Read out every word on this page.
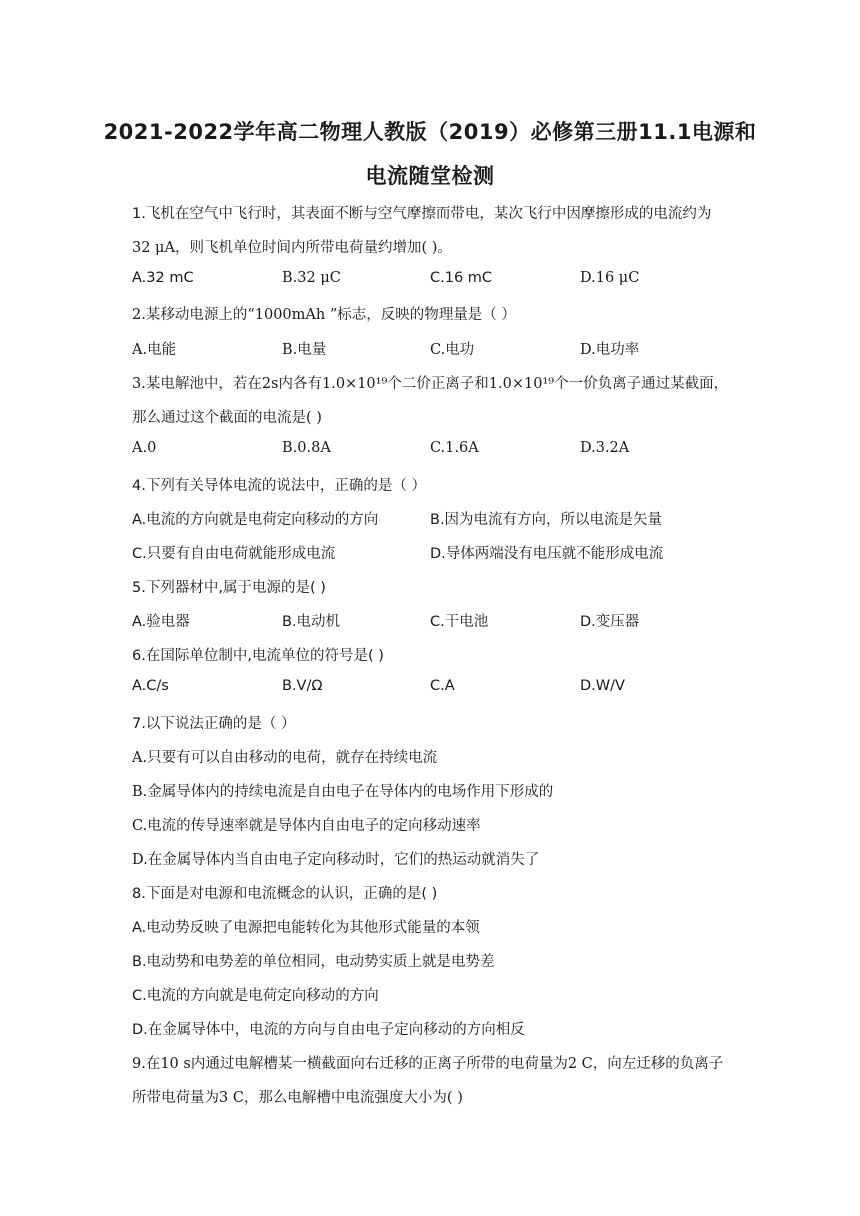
2021-2022学年高二物理人教版（2019）必修第三册11.1电源和
电流随堂检测
1.飞机在空气中飞行时，其表面不断与空气摩擦而带电，某次飞行中因摩擦形成的电流约为
32 μA，则飞机单位时间内所带电荷量约增加( )。
A.32 mC	B.32 μC	C.16 mC	D.16 μC
2.某移动电源上的“1000mAh ”标志，反映的物理量是（ ）
A.电能	B.电量	C.电功	D.电功率
3.某电解池中，若在2s内各有1.0×10¹⁹个二价正离子和1.0×10¹⁹个一价负离子通过某截面，
那么通过这个截面的电流是( )
A.0	B.0.8A	C.1.6A	D.3.2A
4.下列有关导体电流的说法中，正确的是（ ）
A.电流的方向就是电荷定向移动的方向	B.因为电流有方向，所以电流是矢量
C.只要有自由电荷就能形成电流	D.导体两端没有电压就不能形成电流
5.下列器材中,属于电源的是( )
A.验电器	B.电动机	C.干电池	D.变压器
6.在国际单位制中,电流单位的符号是( )
A.C/s	B.V/Ω	C.A	D.W/V
7.以下说法正确的是（ ）
A.只要有可以自由移动的电荷，就存在持续电流
B.金属导体内的持续电流是自由电子在导体内的电场作用下形成的
C.电流的传导速率就是导体内自由电子的定向移动速率
D.在金属导体内当自由电子定向移动时，它们的热运动就消失了
8.下面是对电源和电流概念的认识，正确的是( )
A.电动势反映了电源把电能转化为其他形式能量的本领
B.电动势和电势差的单位相同，电动势实质上就是电势差
C.电流的方向就是电荷定向移动的方向
D.在金属导体中，电流的方向与自由电子定向移动的方向相反
9.在10 s内通过电解槽某一横截面向右迁移的正离子所带的电荷量为2 C，向左迁移的负离子
所带电荷量为3 C，那么电解槽中电流强度大小为( )
